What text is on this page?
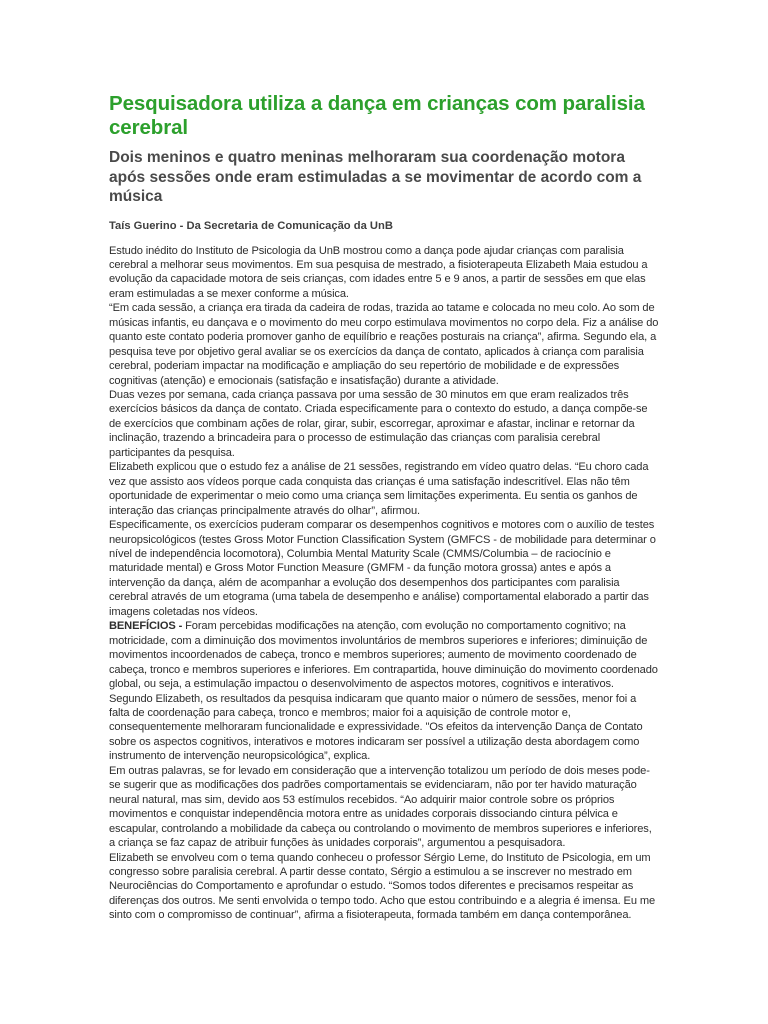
Pesquisadora utiliza a dança em crianças com paralisia cerebral
Dois meninos e quatro meninas melhoraram sua coordenação motora após sessões onde eram estimuladas a se movimentar de acordo com a música
Taís Guerino - Da Secretaria de Comunicação da UnB

Estudo inédito do Instituto de Psicologia da UnB mostrou como a dança pode ajudar crianças com paralisia cerebral a melhorar seus movimentos. Em sua pesquisa de mestrado, a fisioterapeuta Elizabeth Maia estudou a evolução da capacidade motora de seis crianças, com idades entre 5 e 9 anos, a partir de sessões em que elas eram estimuladas a se mexer conforme a música.

“Em cada sessão, a criança era tirada da cadeira de rodas, trazida ao tatame e colocada no meu colo. Ao som de músicas infantis, eu dançava e o movimento do meu corpo estimulava movimentos no corpo dela. Fiz a análise do quanto este contato poderia promover ganho de equilíbrio e reações posturais na criança”, afirma. Segundo ela, a pesquisa teve por objetivo geral avaliar se os exercícios da dança de contato, aplicados à criança com paralisia cerebral, poderiam impactar na modificação e ampliação do seu repertório de mobilidade e de expressões cognitivas (atenção) e emocionais (satisfação e insatisfação) durante a atividade.

Duas vezes por semana, cada criança passava por uma sessão de 30 minutos em que eram realizados três exercícios básicos da dança de contato. Criada especificamente para o contexto do estudo, a dança compõe-se de exercícios que combinam ações de rolar, girar, subir, escorregar, aproximar e afastar, inclinar e retornar da inclinação, trazendo a brincadeira para o processo de estimulação das crianças com paralisia cerebral participantes da pesquisa.

Elizabeth explicou que o estudo fez a análise de 21 sessões, registrando em vídeo quatro delas. “Eu choro cada vez que assisto aos vídeos porque cada conquista das crianças é uma satisfação indescritível. Elas não têm oportunidade de experimentar o meio como uma criança sem limitações experimenta. Eu sentia os ganhos de interação das crianças principalmente através do olhar”, afirmou.

Especificamente, os exercícios puderam comparar os desempenhos cognitivos e motores com o auxílio de testes neuropsicológicos (testes Gross Motor Function Classification System (GMFCS - de mobilidade para determinar o nível de independência locomotora), Columbia Mental Maturity Scale (CMMS/Columbia – de raciocínio e maturidade mental) e Gross Motor Function Measure (GMFM - da função motora grossa) antes e após a intervenção da dança, além de acompanhar a evolução dos desempenhos dos participantes com paralisia cerebral através de um etograma (uma tabela de desempenho e análise) comportamental elaborado a partir das imagens coletadas nos vídeos.

BENEFÍCIOS - Foram percebidas modificações na atenção, com evolução no comportamento cognitivo; na motricidade, com a diminuição dos movimentos involuntários de membros superiores e inferiores; diminuição de movimentos incoordenados de cabeça, tronco e membros superiores; aumento de movimento coordenado de cabeça, tronco e membros superiores e inferiores. Em contrapartida, houve diminuição do movimento coordenado global, ou seja, a estimulação impactou o desenvolvimento de aspectos motores, cognitivos e interativos.

Segundo Elizabeth, os resultados da pesquisa indicaram que quanto maior o número de sessões, menor foi a falta de coordenação para cabeça, tronco e membros; maior foi a aquisição de controle motor e, consequentemente melhoraram funcionalidade e expressividade. "Os efeitos da intervenção Dança de Contato sobre os aspectos cognitivos, interativos e motores indicaram ser possível a utilização desta abordagem como instrumento de intervenção neuropsicológica”, explica.

Em outras palavras, se for levado em consideração que a intervenção totalizou um período de dois meses pode-se sugerir que as modificações dos padrões comportamentais se evidenciaram, não por ter havido maturação neural natural, mas sim, devido aos 53 estímulos recebidos. “Ao adquirir maior controle sobre os próprios movimentos e conquistar independência motora entre as unidades corporais dissociando cintura pélvica e escapular, controlando a mobilidade da cabeça ou controlando o movimento de membros superiores e inferiores, a criança se faz capaz de atribuir funções às unidades corporais”, argumentou a pesquisadora.

Elizabeth se envolveu com o tema quando conheceu o professor Sérgio Leme, do Instituto de Psicologia, em um congresso sobre paralisia cerebral. A partir desse contato, Sérgio a estimulou a se inscrever no mestrado em Neurociências do Comportamento e aprofundar o estudo. “Somos todos diferentes e precisamos respeitar as diferenças dos outros. Me senti envolvida o tempo todo. Acho que estou contribuindo e a alegria é imensa. Eu me sinto com o compromisso de continuar”, afirma a fisioterapeuta, formada também em dança contemporânea.
